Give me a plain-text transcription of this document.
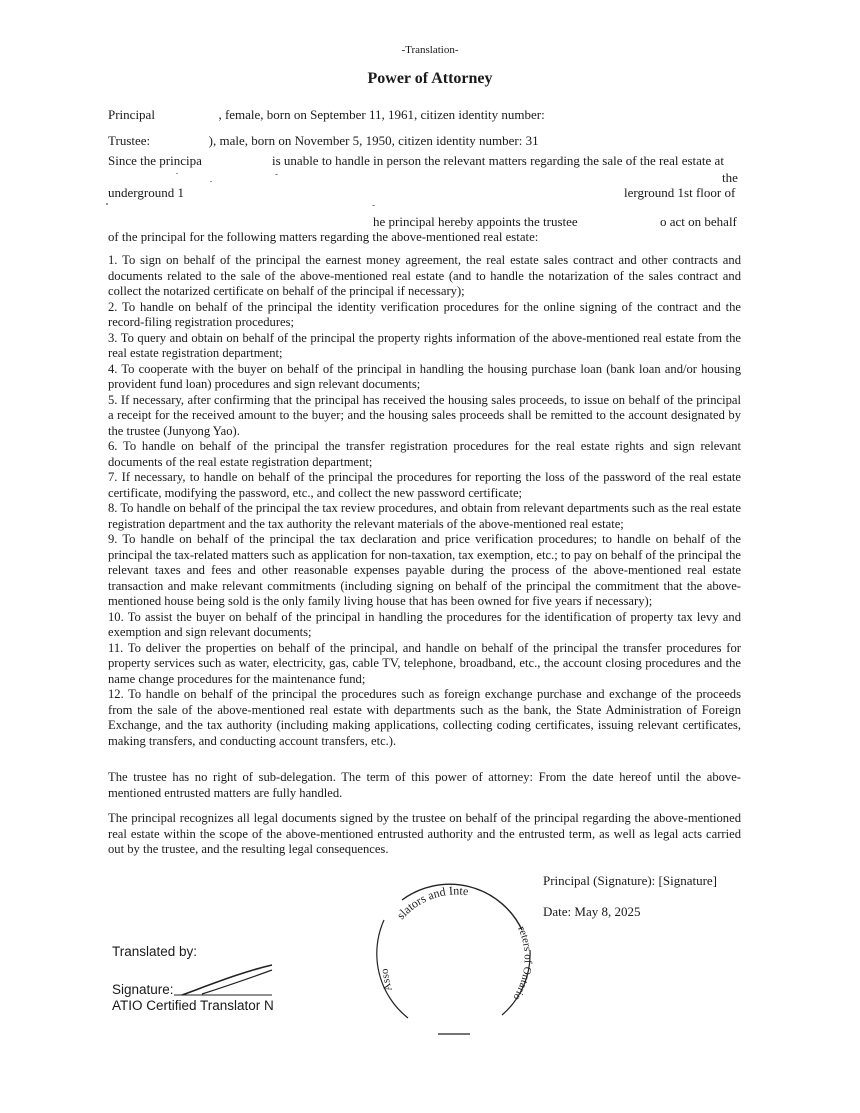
-Translation-
Power of Attorney
Principal	, female, born on September 11, 1961, citizen identity number:
Trustee:	), male, born on November 5, 1950, citizen identity number: 31
Since the principa	is unable to handle in person the relevant matters regarding the sale of the real estate at
the
underground 1	lerground 1st floor of
he principal hereby appoints the trustee	o act on behalf
of the principal for the following matters regarding the above-mentioned real estate:

1. To sign on behalf of the principal the earnest money agreement, the real estate sales contract and other contracts and documents related to the sale of the above-mentioned real estate (and to handle the notarization of the sales contract and collect the notarized certificate on behalf of the principal if necessary);

2. To handle on behalf of the principal the identity verification procedures for the online signing of the contract and the record-filing registration procedures;

3. To query and obtain on behalf of the principal the property rights information of the above-mentioned real estate from the real estate registration department;

4. To cooperate with the buyer on behalf of the principal in handling the housing purchase loan (bank loan and/or housing provident fund loan) procedures and sign relevant documents;

5. If necessary, after confirming that the principal has received the housing sales proceeds, to issue on behalf of the principal a receipt for the received amount to the buyer; and the housing sales proceeds shall be remitted to the account designated by the trustee (Junyong Yao).

6. To handle on behalf of the principal the transfer registration procedures for the real estate rights and sign relevant documents of the real estate registration department;

7. If necessary, to handle on behalf of the principal the procedures for reporting the loss of the password of the real estate certificate, modifying the password, etc., and collect the new password certificate;

8. To handle on behalf of the principal the tax review procedures, and obtain from relevant departments such as the real estate registration department and the tax authority the relevant materials of the above-mentioned real estate;

9. To handle on behalf of the principal the tax declaration and price verification procedures; to handle on behalf of the principal the tax-related matters such as application for non-taxation, tax exemption, etc.; to pay on behalf of the principal the relevant taxes and fees and other reasonable expenses payable during the process of the above-mentioned real estate transaction and make relevant commitments (including signing on behalf of the principal the commitment that the above-mentioned house being sold is the only family living house that has been owned for five years if necessary);

10. To assist the buyer on behalf of the principal in handling the procedures for the identification of property tax levy and exemption and sign relevant documents;

11. To deliver the properties on behalf of the principal, and handle on behalf of the principal the transfer procedures for property services such as water, electricity, gas, cable TV, telephone, broadband, etc., the account closing procedures and the name change procedures for the maintenance fund;

12. To handle on behalf of the principal the procedures such as foreign exchange purchase and exchange of the proceeds from the sale of the above-mentioned real estate with departments such as the bank, the State Administration of Foreign Exchange, and the tax authority (including making applications, collecting coding certificates, issuing relevant certificates, making transfers, and conducting account transfers, etc.).

The trustee has no right of sub-delegation. The term of this power of attorney: From the date hereof until the above-mentioned entrusted matters are fully handled.
The principal recognizes all legal documents signed by the trustee on behalf of the principal regarding the above-mentioned real estate within the scope of the above-mentioned entrusted authority and the entrusted term, as well as legal acts carried out by the trustee, and the resulting legal consequences.
Principal (Signature): [Signature]
Date: May 8, 2025
Translated by:
Signature:
ATIO Certified Translator N
slators and Inte
reters of Ontario
Asso
